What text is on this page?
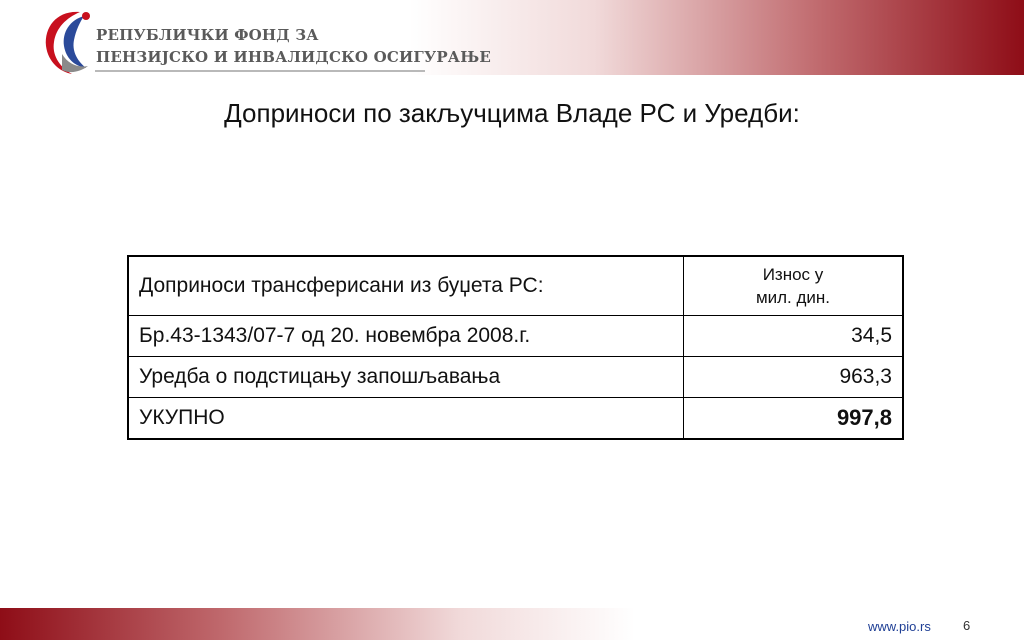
РЕПУБЛИЧКИ ФОНД ЗА
ПЕНЗИЈСКО И ИНВАЛИДСКО ОСИГУРАЊЕ
Доприноси по закључцима Владе РС и Уредби:
Доприноси трансферисани из буџета РС:	Износ у
мил. дин.

Бр.43-1343/07-7 од 20. новембра 2008.г.	34,5
Уредба о подстицању запошљавања	963,3
УКУПНО	997,8
www.pio.rs 6
